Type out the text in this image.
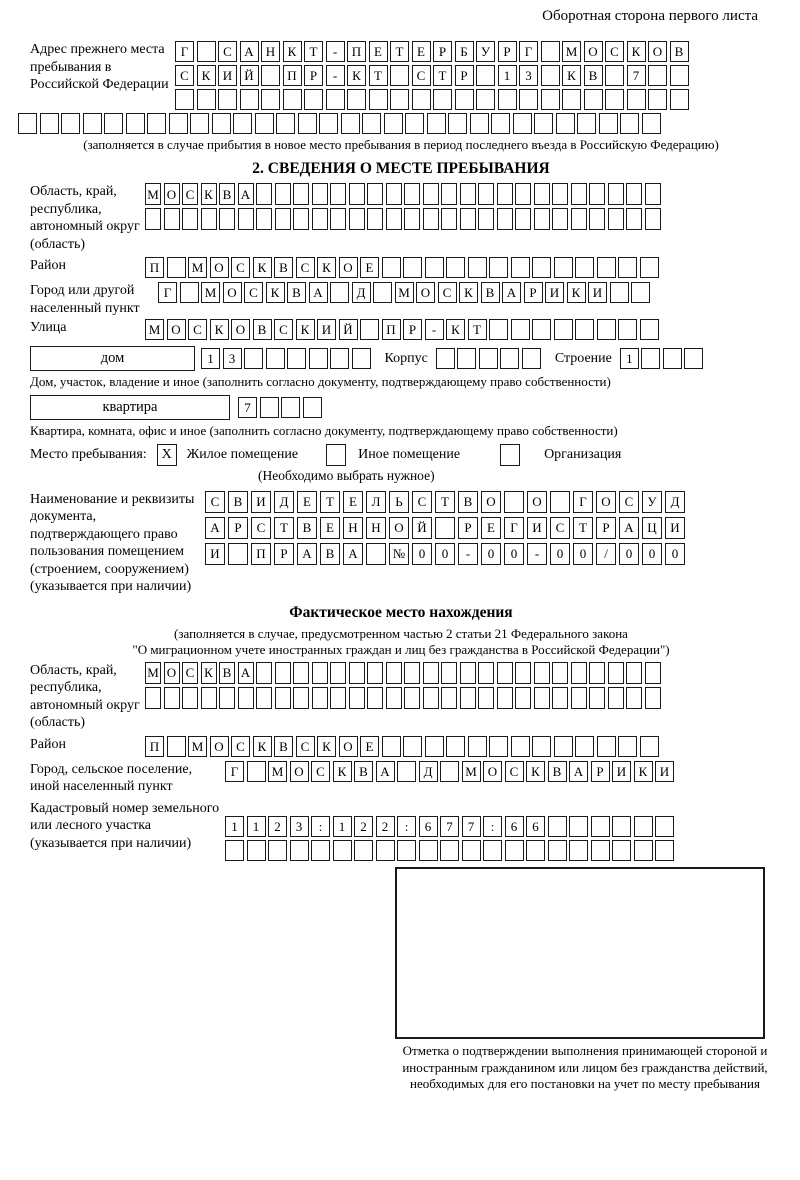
Оборотная сторона первого листа
Адрес прежнего места пребывания в Российской Федерации
Г	С А Н К	Т	-	П Е	Т	Е	Р	Б	У	Р	Г	М О С К О В
С К И Й	П	Р	-	К	Т	С	Т	Р	1	3	К В	7
(заполняется в случае прибытия в новое место пребывания в период последнего въезда в Российскую Федерацию)
2. СВЕДЕНИЯ О МЕСТЕ ПРЕБЫВАНИЯ
Область, край, республика, автономный округ (область)
М О С К В А
Район	П	М О С К В С К О Е
Город или другой населенный пункт
Г	М О С К В А	Д	М О С К В А	Р	И К И
Улица	М О С К О В С К И Й	П	Р	-	К	Т
дом	1	3	Корпус	Строение	1
Дом, участок, владение и иное (заполнить согласно документу, подтверждающему право собственности)
квартира	7
Квартира, комната, офис и иное (заполнить согласно документу, подтверждающему право собственности)
Место пребывания:	X	Жилое помещение	Иное помещение	Организация
(Необходимо выбрать нужное)
Наименование и реквизиты документа, подтверждающего право пользования помещением (строением, сооружением) (указывается при наличии)
С	В	И	Д	Е	Т	Е	Л	Ь	С	Т	В	О	О	Г	О	С	У	Д
А	Р	С	Т	В	Е	Н	Н	О	Й	Р	Е	Г	И	С	Т	Р	А	Ц	И
И	П	Р	А	В	А	№	0	0	-	0	0	-	0	0	/	0	0	0
Фактическое место нахождения
(заполняется в случае, предусмотренном частью 2 статьи 21 Федерального закона
"О миграционном учете иностранных граждан и лиц без гражданства в Российской Федерации")
Область, край, республика, автономный округ (область)
М О С К В А
Район	П	М О С К В С К О Е
Город, сельское поселение, иной населенный пункт
Г	М О С К В А	Д	М О С К В А	Р	И К И
Кадастровый номер земельного или лесного участка (указывается при наличии)
1	1	2	3	:	1	2	2	:	6	7	7	:	6	6
Отметка о подтверждении выполнения принимающей стороной и иностранным гражданином или лицом без гражданства действий, необходимых для его постановки на учет по месту пребывания
